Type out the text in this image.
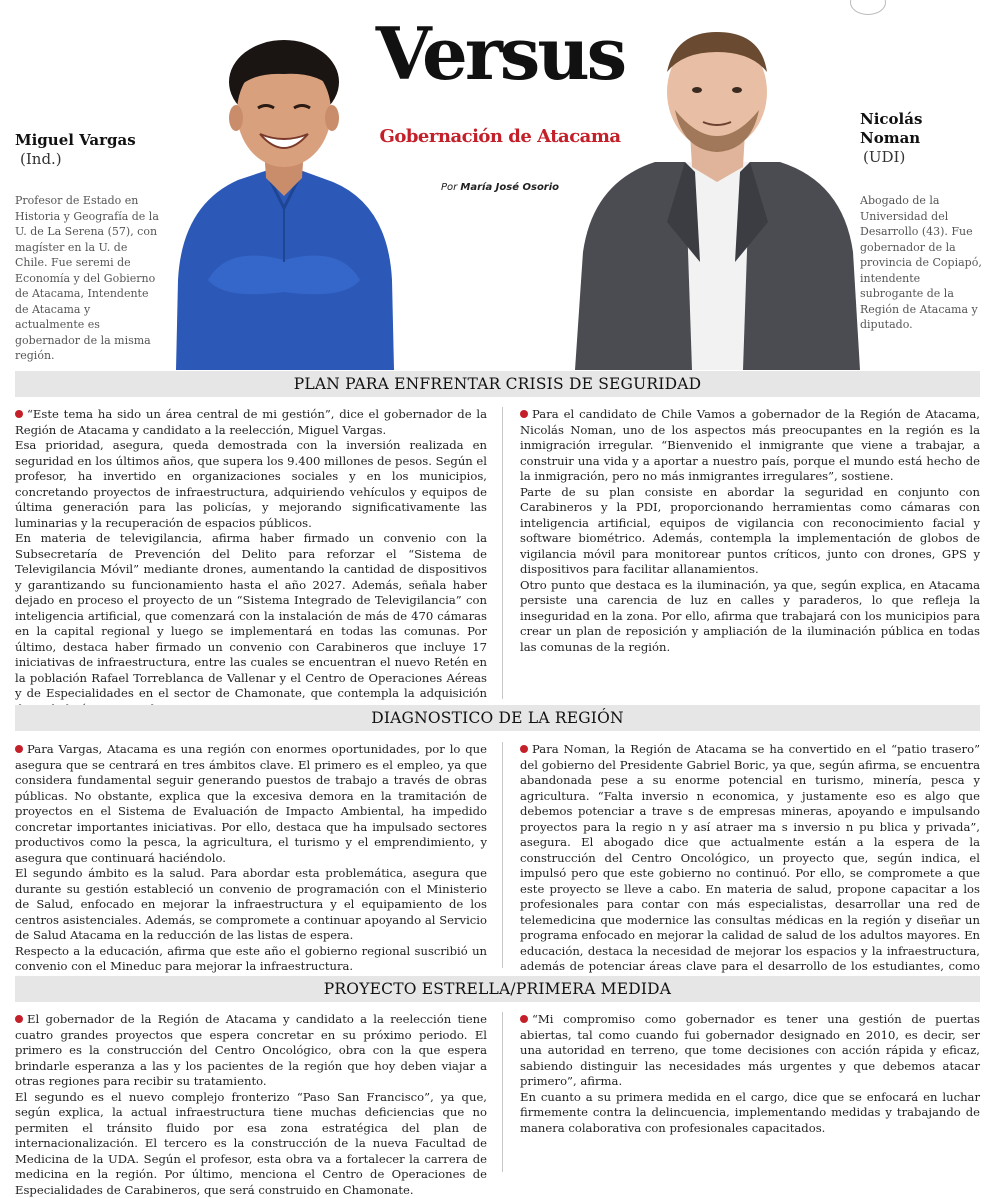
Versus
Gobernación de Atacama
Por María José Osorio
Miguel Vargas
(Ind.)
Profesor de Estado en Historia y Geografía de la U. de La Serena (57), con magíster en la U. de Chile. Fue seremi de Economía y del Gobierno de Atacama, Intendente de Atacama y actualmente es gobernador de la misma región.
Nicolás
Noman
(UDI)
Abogado de la Universidad del Desarrollo (43). Fue gobernador de la provincia de Copiapó, intendente subrogante de la Región de Atacama y diputado.
PLAN PARA ENFRENTAR CRISIS DE SEGURIDAD

“Este tema ha sido un área central de mi gestión”, dice el gobernador de la Región de Atacama y candidato a la reelección, Miguel Vargas.

Esa prioridad, asegura, queda demostrada con la inversión realizada en seguridad en los últimos años, que supera los 9.400 millones de pesos. Según el profesor, ha invertido en organizaciones sociales y en los municipios, concretando proyectos de infraestructura, adquiriendo vehículos y equipos de última generación para las policías, y mejorando significativamente las luminarias y la recuperación de espacios públicos.

En materia de televigilancia, afirma haber firmado un convenio con la Subsecretaría de Prevención del Delito para reforzar el “Sistema de Televigilancia Móvil” mediante drones, aumentando la cantidad de dispositivos y garantizando su funcionamiento hasta el año 2027. Además, señala haber dejado en proceso el proyecto de un “Sistema Integrado de Televigilancia” con inteligencia artificial, que comenzará con la instalación de más de 470 cámaras en la capital regional y luego se implementará en todas las comunas. Por último, destaca haber firmado un convenio con Carabineros que incluye 17 iniciativas de infraestructura, entre las cuales se encuentran el nuevo Retén en la población Rafael Torreblanca de Vallenar y el Centro de Operaciones Aéreas y de Especialidades en el sector de Chamonate, que contempla la adquisición

Para el candidato de Chile Vamos a gobernador de la Región de Atacama, Nicolás Noman, uno de los aspectos más preocupantes en la región es la inmigración irregular. “Bienvenido el inmigrante que viene a trabajar, a construir una vida y a aportar a nuestro país, porque el mundo está hecho de la inmigración, pero no más inmigrantes irregulares”, sostiene.

Parte de su plan consiste en abordar la seguridad en conjunto con Carabineros y la PDI, proporcionando herramientas como cámaras con inteligencia artificial, equipos de vigilancia con reconocimiento facial y software biométrico. Además, contempla la implementación de globos de vigilancia móvil para monitorear puntos críticos, junto con drones, GPS y dispositivos para facilitar allanamientos.

Otro punto que destaca es la iluminación, ya que, según explica, en Atacama persiste una carencia de luz en calles y paraderos, lo que refleja la inseguridad en la zona. Por ello, afirma que trabajará con los municipios para crear un plan de reposición y ampliación de la iluminación pública en todas las comunas de la región.

DIAGNOSTICO DE LA REGIÓN

Para Vargas, Atacama es una región con enormes oportunidades, por lo que asegura que se centrará en tres ámbitos clave. El primero es el empleo, ya que considera fundamental seguir generando puestos de trabajo a través de obras públicas. No obstante, explica que la excesiva demora en la tramitación de proyectos en el Sistema de Evaluación de Impacto Ambiental, ha impedido concretar importantes iniciativas. Por ello, destaca que ha impulsado sectores productivos como la pesca, la agricultura, el turismo y el emprendimiento, y asegura que continuará haciéndolo.

El segundo ámbito es la salud. Para abordar esta problemática, asegura que durante su gestión estableció un convenio de programación con el Ministerio de Salud, enfocado en mejorar la infraestructura y el equipamiento de los centros asistenciales. Además, se compromete a continuar apoyando al Servicio de Salud Atacama en la reducción de las listas de espera.

Respecto a la educación, afirma que este año el gobierno regional suscribió un convenio con el Mineduc para mejorar la infraestructura.

Para Noman, la Región de Atacama se ha convertido en el “patio trasero” del gobierno del Presidente Gabriel Boric, ya que, según afirma, se encuentra abandonada pese a su enorme potencial en turismo, minería, pesca y agricultura. “Falta inversio n economica, y justamente eso es algo que debemos potenciar a trave s de empresas mineras, apoyando e impulsando proyectos para la regio n y así atraer ma s inversio n pu blica y privada”, asegura. El abogado dice que actualmente están a la espera de la construcción del Centro Oncológico, un proyecto que, según indica, el impulsó pero que este gobierno no continuó. Por ello, se compromete a que este proyecto se lleve a cabo. En materia de salud, propone capacitar a los profesionales para contar con más especialistas, desarrollar una red de telemedicina que modernice las consultas médicas en la región y diseñar un programa enfocado en mejorar la calidad de salud de los adultos mayores. En educación, destaca la necesidad de mejorar los espacios y la infraestructura, además de potenciar áreas clave para el desarrollo de los estudiantes, como

PROYECTO ESTRELLA/PRIMERA MEDIDA

El gobernador de la Región de Atacama y candidato a la reelección tiene cuatro grandes proyectos que espera concretar en su próximo periodo. El primero es la construcción del Centro Oncológico, obra con la que espera brindarle esperanza a las y los pacientes de la región que hoy deben viajar a otras regiones para recibir su tratamiento.

El segundo es el nuevo complejo fronterizo “Paso San Francisco”, ya que, según explica, la actual infraestructura tiene muchas deficiencias que no permiten el tránsito fluido por esa zona estratégica del plan de internacionalización. El tercero es la construcción de la nueva Facultad de Medicina de la UDA. Según el profesor, esta obra va a fortalecer la carrera de medicina en la región. Por último, menciona el Centro de Operaciones de Especialidades de Carabineros, que será construido en Chamonate.

“Mi compromiso como gobernador es tener una gestión de puertas abiertas, tal como cuando fui gobernador designado en 2010, es decir, ser una autoridad en terreno, que tome decisiones con acción rápida y eficaz, sabiendo distinguir las necesidades más urgentes y que debemos atacar primero”, afirma.

En cuanto a su primera medida en el cargo, dice que se enfocará en luchar firmemente contra la delincuencia, implementando medidas y trabajando de manera colaborativa con profesionales capacitados.
